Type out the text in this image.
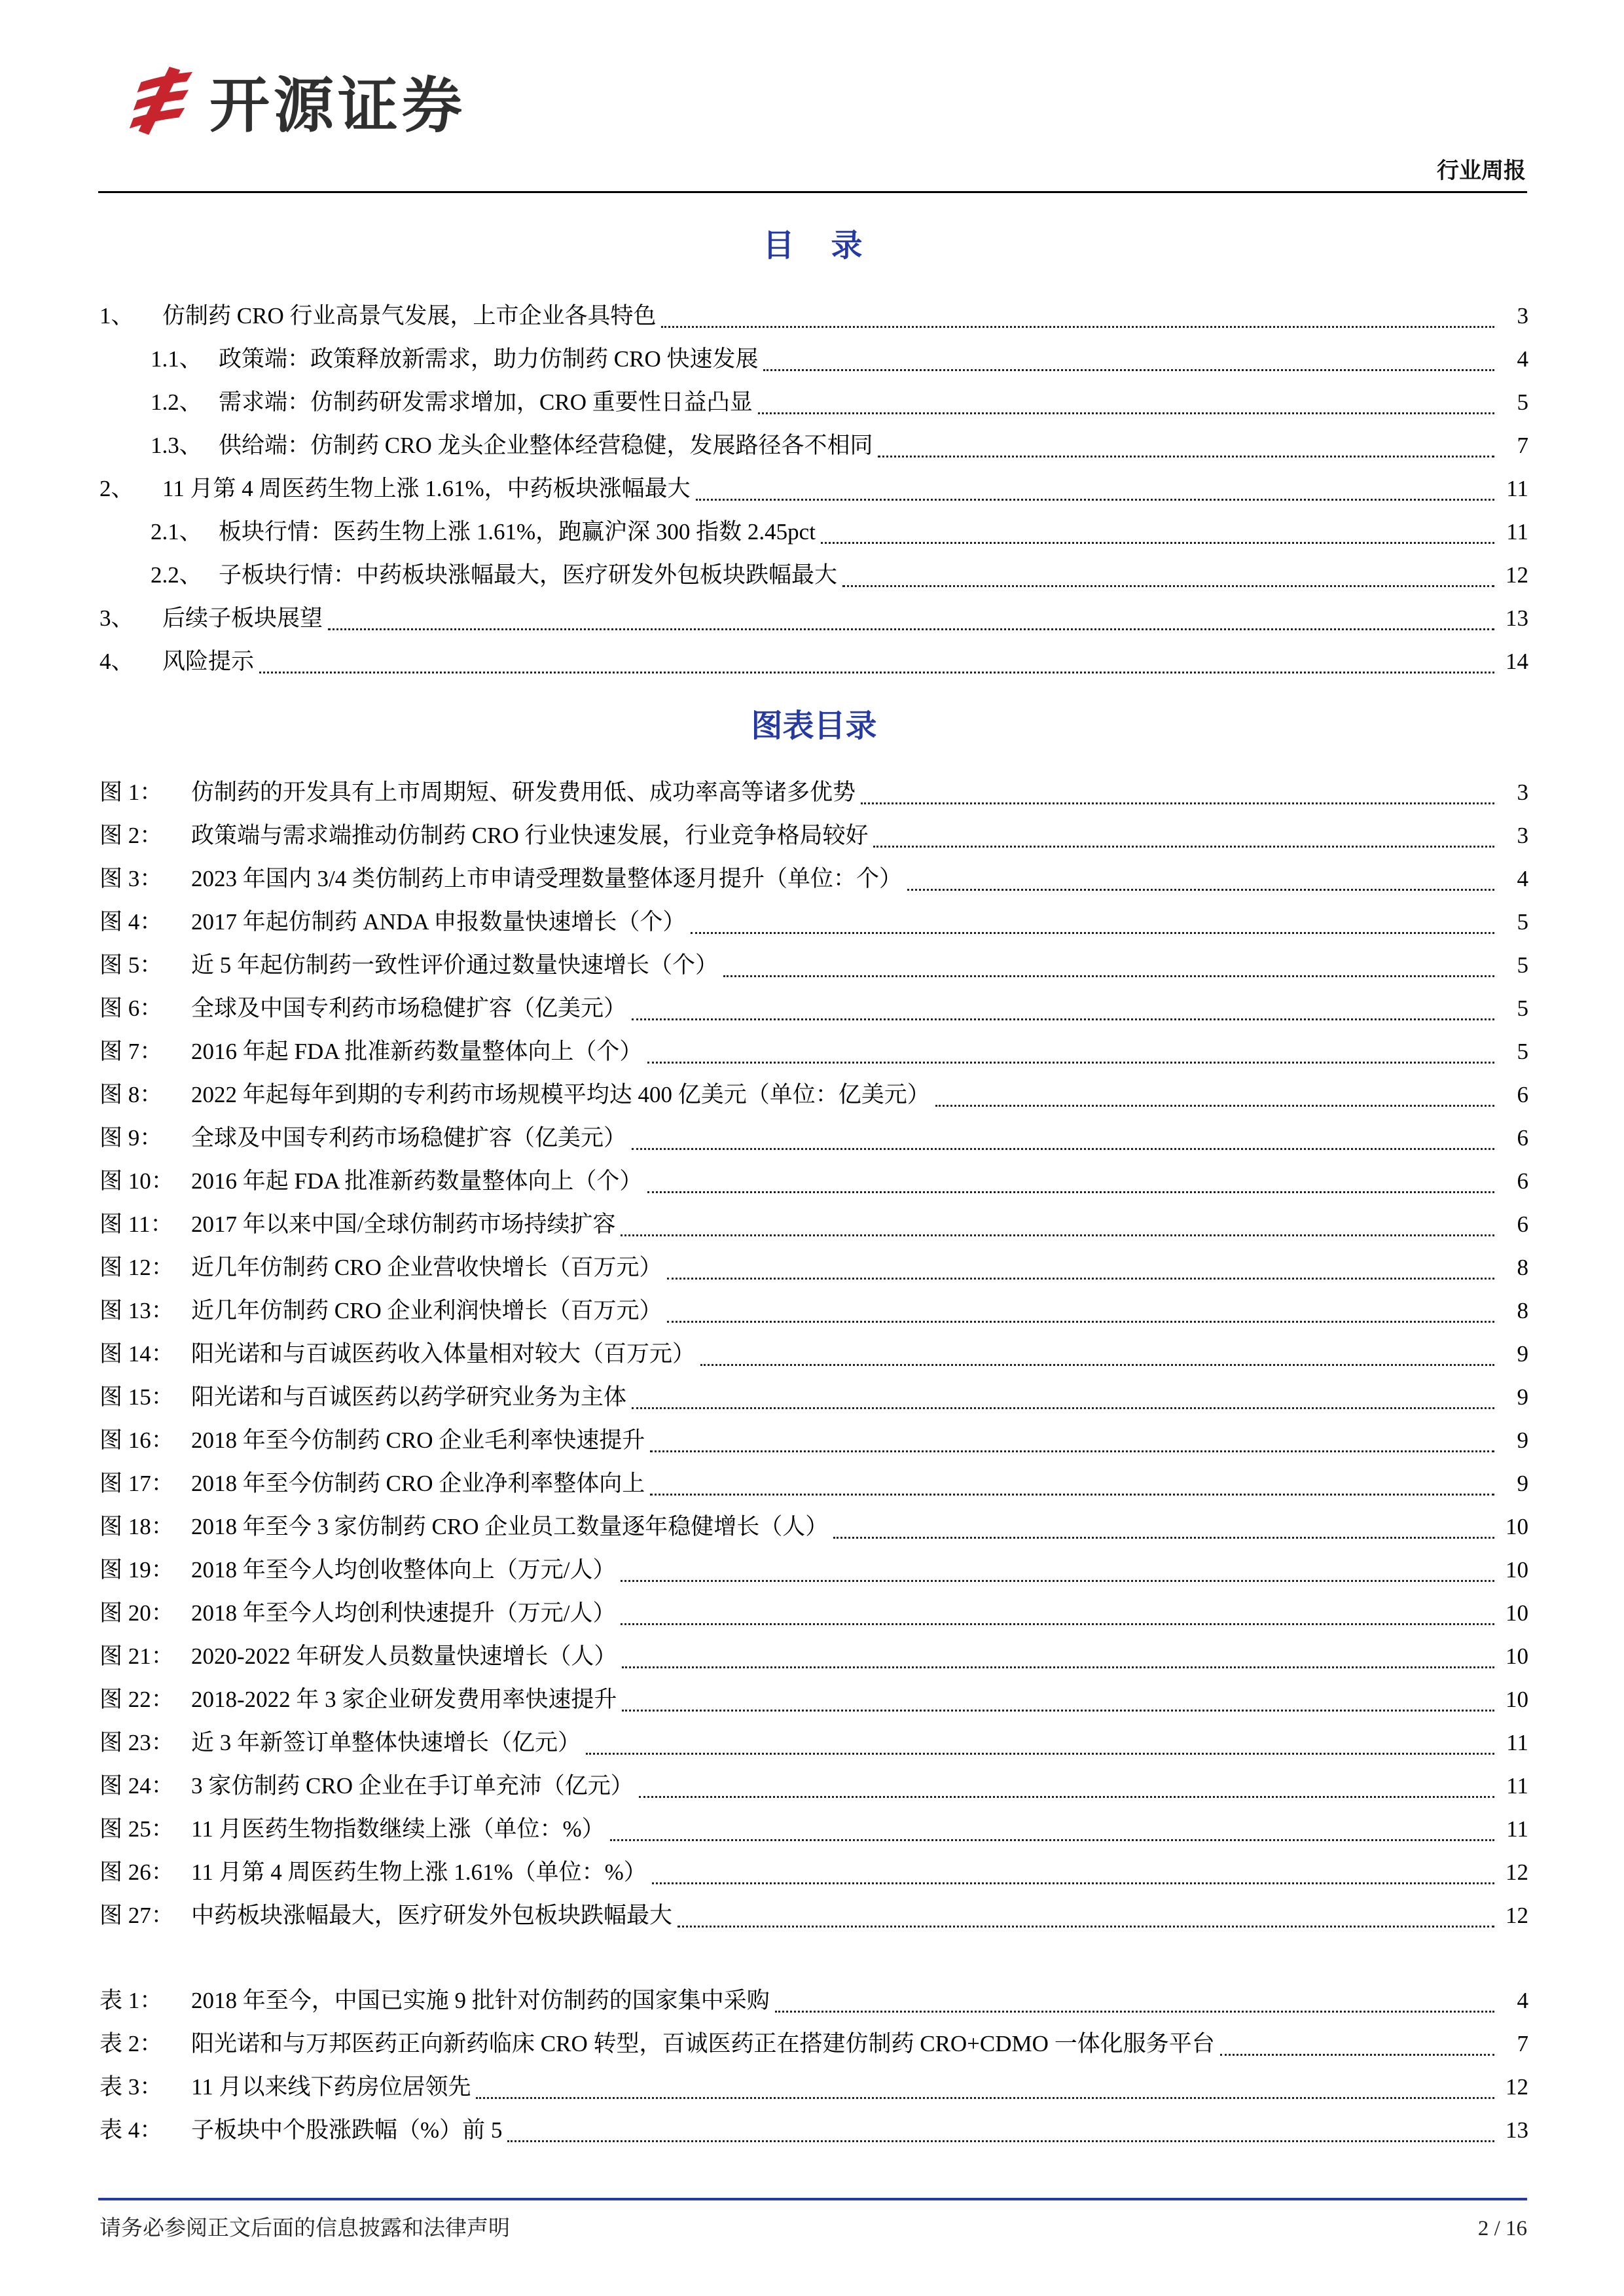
开源证券
行业周报
目　录
1、	仿制药 CRO 行业高景气发展，上市企业各具特色	3
1.1、 政策端：政策释放新需求，助力仿制药 CRO 快速发展	4
1.2、 需求端：仿制药研发需求增加，CRO 重要性日益凸显	5
1.3、 供给端：仿制药 CRO 龙头企业整体经营稳健，发展路径各不相同	7
2、	11 月第 4 周医药生物上涨 1.61%，中药板块涨幅最大	11
2.1、 板块行情：医药生物上涨 1.61%，跑赢沪深 300 指数 2.45pct	11
2.2、 子板块行情：中药板块涨幅最大，医疗研发外包板块跌幅最大	12
3、	后续子板块展望	13
4、	风险提示	14
图表目录
图 1：	仿制药的开发具有上市周期短、研发费用低、成功率高等诸多优势	3
图 2：	政策端与需求端推动仿制药 CRO 行业快速发展，行业竞争格局较好	3
图 3：	2023 年国内 3/4 类仿制药上市申请受理数量整体逐月提升（单位：个）	4
图 4：	2017 年起仿制药 ANDA 申报数量快速增长（个）	5
图 5：	近 5 年起仿制药一致性评价通过数量快速增长（个）	5
图 6：	全球及中国专利药市场稳健扩容（亿美元）	5
图 7：	2016 年起 FDA 批准新药数量整体向上（个）	5
图 8：	2022 年起每年到期的专利药市场规模平均达 400 亿美元（单位：亿美元）	6
图 9：	全球及中国专利药市场稳健扩容（亿美元）	6
图 10： 2016 年起 FDA 批准新药数量整体向上（个）	6
图 11： 2017 年以来中国/全球仿制药市场持续扩容	6
图 12： 近几年仿制药 CRO 企业营收快增长（百万元）	8
图 13： 近几年仿制药 CRO 企业利润快增长（百万元）	8
图 14： 阳光诺和与百诚医药收入体量相对较大（百万元）	9
图 15： 阳光诺和与百诚医药以药学研究业务为主体	9
图 16： 2018 年至今仿制药 CRO 企业毛利率快速提升	9
图 17： 2018 年至今仿制药 CRO 企业净利率整体向上	9
图 18： 2018 年至今 3 家仿制药 CRO 企业员工数量逐年稳健增长（人）	10
图 19： 2018 年至今人均创收整体向上（万元/人）	10
图 20： 2018 年至今人均创利快速提升（万元/人）	10
图 21： 2020-2022 年研发人员数量快速增长（人）	10
图 22： 2018-2022 年 3 家企业研发费用率快速提升	10
图 23： 近 3 年新签订单整体快速增长（亿元）	11
图 24： 3 家仿制药 CRO 企业在手订单充沛（亿元）	11
图 25： 11 月医药生物指数继续上涨（单位：%）	11
图 26： 11 月第 4 周医药生物上涨 1.61%（单位：%）	12
图 27： 中药板块涨幅最大，医疗研发外包板块跌幅最大	12
表 1：	2018 年至今，中国已实施 9 批针对仿制药的国家集中采购	4
表 2：	阳光诺和与万邦医药正向新药临床 CRO 转型，百诚医药正在搭建仿制药 CRO+CDMO 一体化服务平台	7
表 3：	11 月以来线下药房位居领先	12
表 4：	子板块中个股涨跌幅（%）前 5	13
请务必参阅正文后面的信息披露和法律声明	2 / 16
